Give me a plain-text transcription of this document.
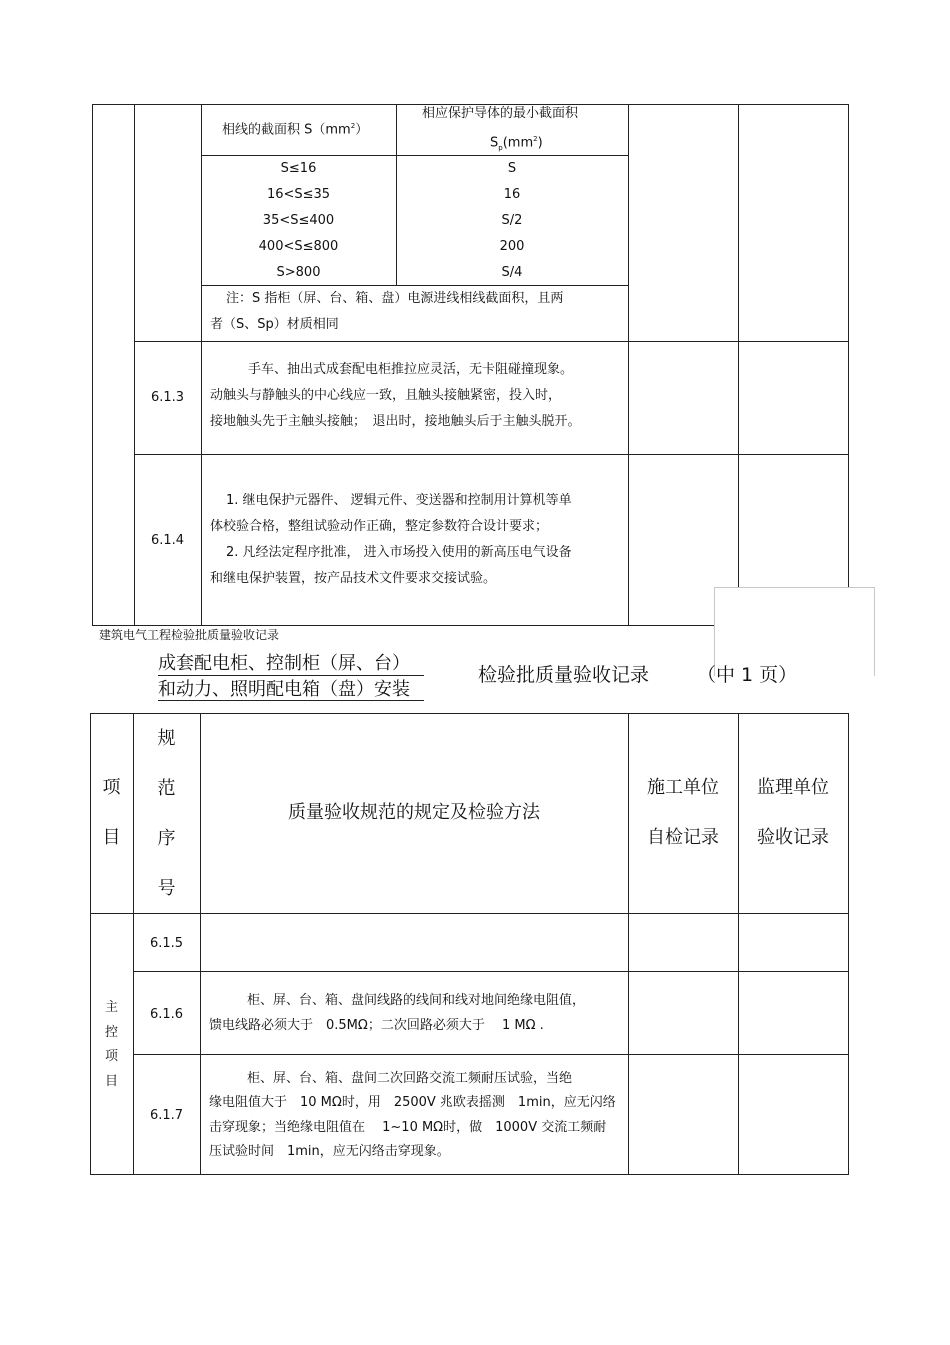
相线的截面积 $S(mm^2)$
相应保护导体的最小截面积
$S_p(mm^2)$
S≤16
16<S≤35
35<S≤400
400<S≤800
S>800
S
16
S/2
200
S/4
注：S 指柜（屏、台、箱、盘）电源进线相线截面积，且两
者（S、Sp）材质相同
6.1.3
手车、抽出式成套配电柜推拉应灵活，无卡阻碰撞现象。
动触头与静触头的中心线应一致，且触头接触紧密，投入时，
接地触头先于主触头接触；　退出时，接地触头后于主触头脱开。
6.1.4
1. 继电保护元器件、 逻辑元件、变送器和控制用计算机等单
体校验合格，整组试验动作正确，整定参数符合设计要求；
2. 凡经法定程序批准， 进入市场投入使用的新高压电气设备
和继电保护装置，按产品技术文件要求交接试验。
建筑电气工程检验批质量验收记录
成套配电柜、控制柜（屏、台）
和动力、照明配电箱（盘）安装
检验批质量验收记录	（中 1 页）
项
目
规
范
序
号
质量验收规范的规定及检验方法
施工单位
自检记录
监理单位
验收记录
主
控
项
目
6.1.5
6.1.6
柜、屏、台、箱、盘间线路的线间和线对地间绝缘电阻值，
馈电线路必须大于　0.5MΩ；二次回路必须大于　 1 MΩ .
6.1.7
柜、屏、台、箱、盘间二次回路交流工频耐压试验，当绝
缘电阻值大于　10 MΩ时，用　2500V 兆欧表摇测　1min，应无闪络
击穿现象；当绝缘电阻值在　 1~10 MΩ时，做　1000V 交流工频耐
压试验时间　1min，应无闪络击穿现象。
